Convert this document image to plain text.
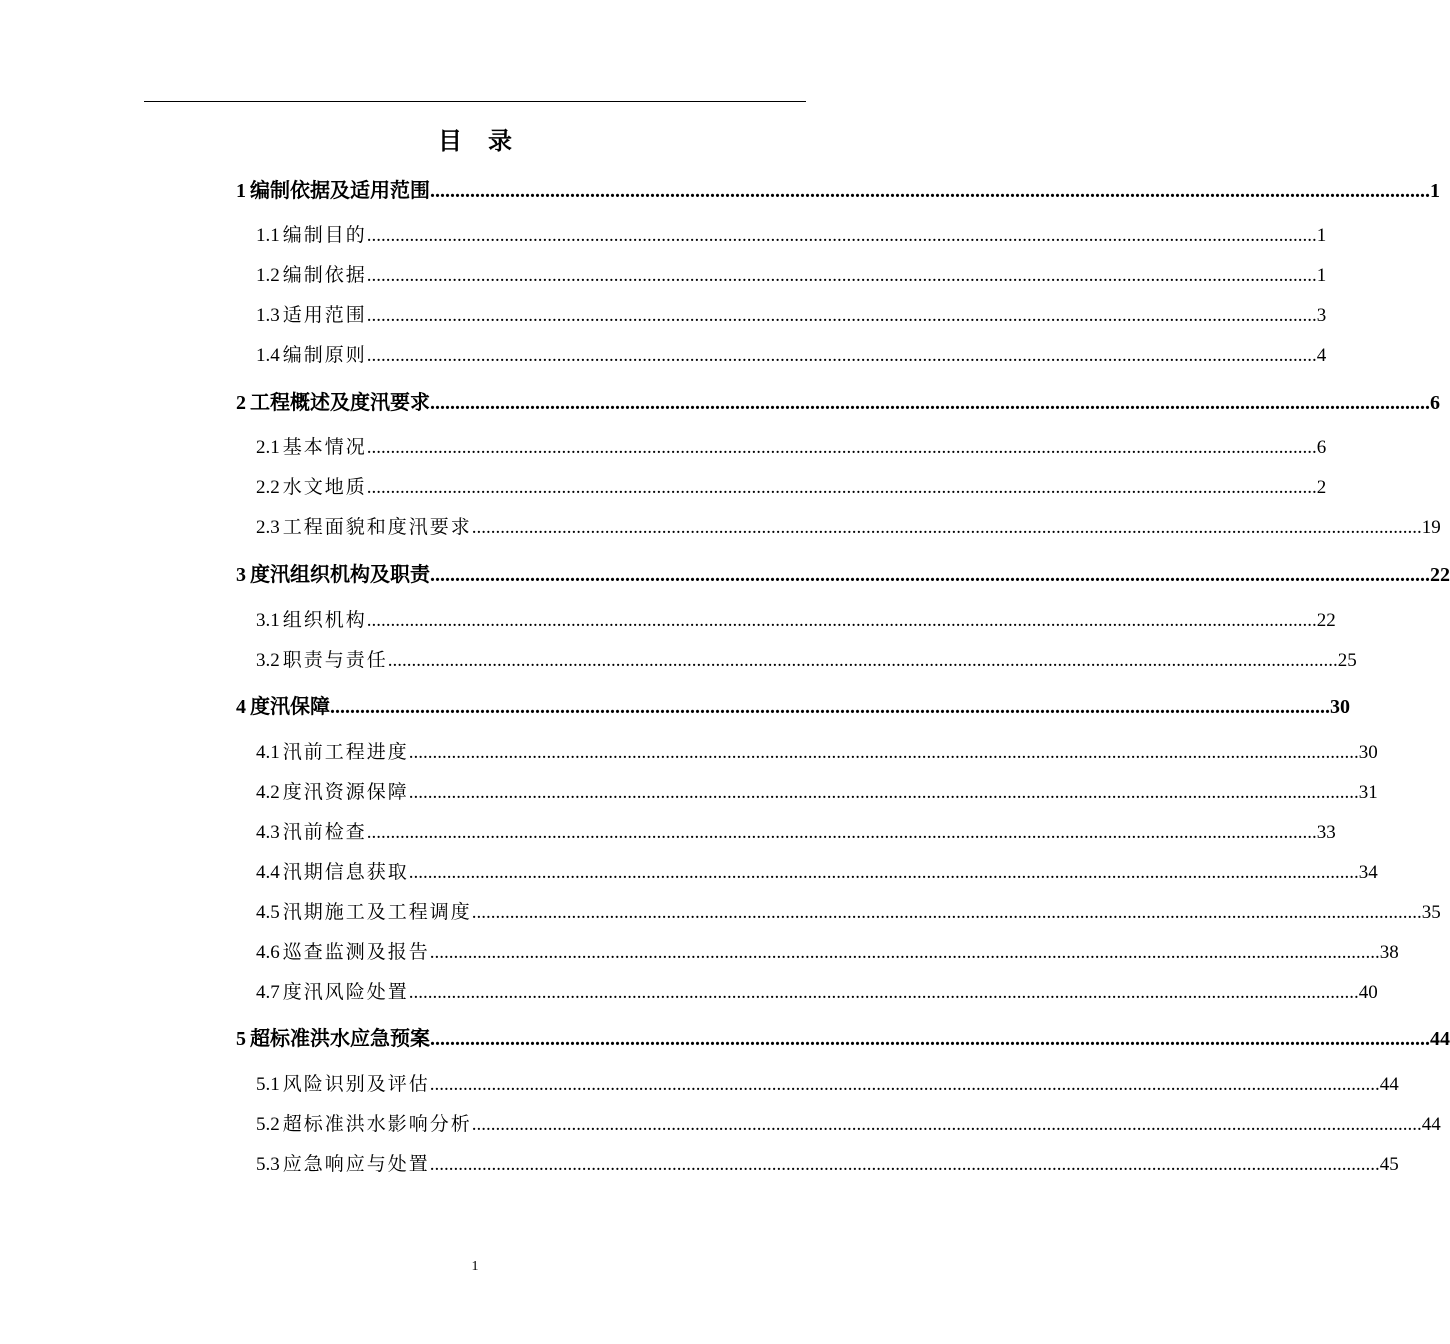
目录
1 编制依据及适用范围 ........................................................................................................................................................................................................ 1
1.1 编制目的 ........................................................................................................................................................................................................ 1
1.2 编制依据 ........................................................................................................................................................................................................ 1
1.3 适用范围 ........................................................................................................................................................................................................ 3
1.4 编制原则 ........................................................................................................................................................................................................ 4
2 工程概述及度汛要求 ........................................................................................................................................................................................................ 6
2.1 基本情况 ........................................................................................................................................................................................................ 6
2.2 水文地质 ........................................................................................................................................................................................................ 2
2.3 工程面貌和度汛要求 ........................................................................................................................................................................................................ 19
3 度汛组织机构及职责 ........................................................................................................................................................................................................ 22
3.1 组织机构 ........................................................................................................................................................................................................ 22
3.2 职责与责任 ........................................................................................................................................................................................................ 25
4 度汛保障 ........................................................................................................................................................................................................ 30
4.1 汛前工程进度 ........................................................................................................................................................................................................ 30
4.2 度汛资源保障 ........................................................................................................................................................................................................ 31
4.3 汛前检查 ........................................................................................................................................................................................................ 33
4.4 汛期信息获取 ........................................................................................................................................................................................................ 34
4.5 汛期施工及工程调度 ........................................................................................................................................................................................................ 35
4.6 巡查监测及报告 ........................................................................................................................................................................................................ 38
4.7 度汛风险处置 ........................................................................................................................................................................................................ 40
5 超标准洪水应急预案 ........................................................................................................................................................................................................ 44
5.1 风险识别及评估 ........................................................................................................................................................................................................ 44
5.2 超标准洪水影响分析 ........................................................................................................................................................................................................ 44
5.3 应急响应与处置 ........................................................................................................................................................................................................ 45
1
